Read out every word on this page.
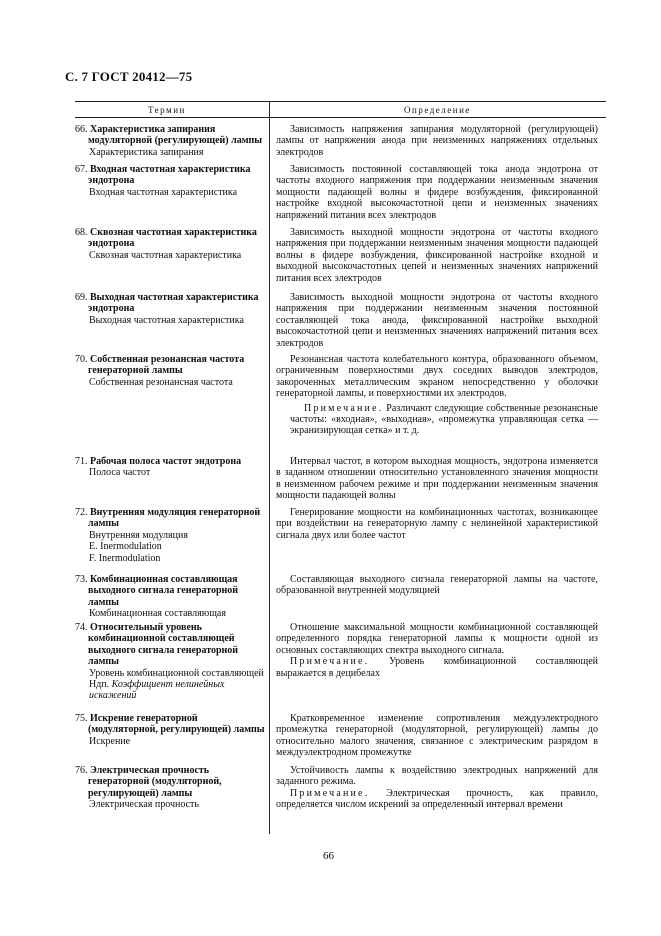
С. 7 ГОСТ 20412—75
Термин	Определение
66. Характеристика запирания модуляторной (регулирующей) лампы
Характеристика запирания

Зависимость напряжения запирания модуляторной (регулирующей) лампы от напряжения анода при неизменных напряжениях отдельных электродов

67. Входная частотная характеристика эндотрона
Входная частотная характеристика

Зависимость постоянной составляющей тока анода эндотрона от частоты входного напряжения при поддержании неизменным значения мощности падающей волны в фидере возбуждения, фиксированной настройке входной высокочастотной цепи и неизменных значениях напряжений питания всех электродов

68. Сквозная частотная характеристика эндотрона
Сквозная частотная характеристика

Зависимость выходной мощности эндотрона от частоты входного напряжения при поддержании неизменным значения мощности падающей волны в фидере возбуждения, фиксированной настройке входной и выходной высокочастотных цепей и неизменных значениях напряжений питания всех электродов

69. Выходная частотная характеристика эндотрона
Выходная частотная характеристика

Зависимость выходной мощности эндотрона от частоты входного напряжения при поддержании неизменным значения постоянной составляющей тока анода, фиксированной настройке выходной высокочастотной цепи и неизменных значениях напряжений питания всех электродов

70. Собственная резонансная частота генераторной лампы
Собственная резонансная частота

Резонансная частота колебательного контура, образованного объемом, ограниченным поверхностями двух соседних выводов электродов, закороченных металлическим экраном непосредственно у оболочки генераторной лампы, и поверхностями их электродов.

Примечание. Различают следующие собственные резонансные частоты: «входная», «выходная», «промежутка управляющая сетка — экранизирующая сетка» и т. д.

71. Рабочая полоса частот эндотрона
Полоса частот

Интервал частот, в котором выходная мощность, эндотрона изменяется в заданном отношении относительно установленного значения мощности в неизменном рабочем режиме и при поддержании неизменным значения мощности падающей волны

72. Внутренняя модуляция генераторной лампы
Внутренняя модуляция
E. Inermodulation
F. Inermodulation

Генерирование мощности на комбинационных частотах, возникающее при воздействии на генераторную лампу с нелинейной характеристикой сигнала двух или более частот

73. Комбинационная составляющая выходного сигнала генераторной лампы
Комбинационная составляющая

Составляющая выходного сигнала генераторной лампы на частоте, образованной внутренней модуляцией

74. Относительный уровень комбинационной составляющей выходного сигнала генераторной лампы
Уровень комбинационной составляющей
Ндп. Коэффициент нелинейных искажений

Отношение максимальной мощности комбинационной составляющей определенного порядка генераторной лампы к мощности одной из основных составляющих спектра выходного сигнала.

Примечание. Уровень комбинационной составляющей выражается в децибелах

75. Искрение генераторной (модуляторной, регулирующей) лампы
Искрение

Кратковременное изменение сопротивления междуэлектродного промежутка генераторной (модуляторной, регулирующей) лампы до относительно малого значения, связанное с электрическим разрядом в междуэлектродном промежутке

76. Электрическая прочность генераторной (модуляторной, регулирующей) лампы
Электрическая прочность

Устойчивость лампы к воздействию электродных напряжений для заданного режима.

Примечание. Электрическая прочность, как правило, определяется числом искрений за определенный интервал времени

66
